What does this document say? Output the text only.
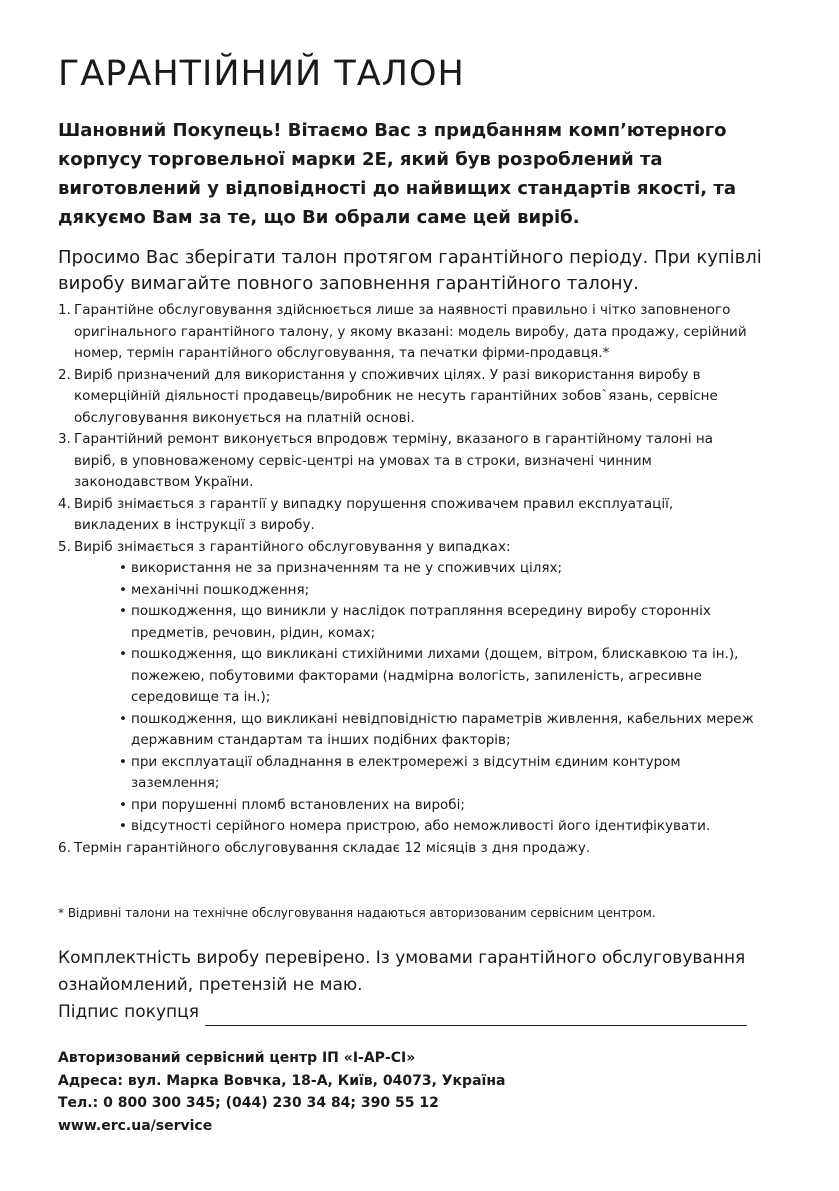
ГАРАНТІЙНИЙ ТАЛОН

Шановний Покупець! Вітаємо Вас з придбанням комп’ютерного корпусу торговельної марки 2E, який був розроблений та виготовлений у відповідності до найвищих стандартів якості, та дякуємо Вам за те, що Ви обрали саме цей виріб.

Просимо Вас зберігати талон протягом гарантійного періоду. При купівлі виробу вимагайте повного заповнення гарантійного талону.

1. Гарантійне обслуговування здійснюється лише за наявності правильно і чітко заповненого оригінального гарантійного талону, у якому вказані: модель виробу, дата продажу, серійний номер, термін гарантійного обслуговування, та печатки фірми-продавця.*
2. Виріб призначений для використання у споживчих цілях. У разі використання виробу в комерційній діяльності продавець/виробник не несуть гарантійних зобов`язань, сервісне обслуговування виконується на платній основі.
3. Гарантійний ремонт виконується впродовж терміну, вказаного в гарантійному талоні на виріб, в уповноваженому сервіс-центрі на умовах та в строки, визначені чинним законодавством України.
4. Виріб знімається з гарантії у випадку порушення споживачем правил експлуатації, викладених в інструкції з виробу.
5. Виріб знімається з гарантійного обслуговування у випадках:
• використання не за призначенням та не у споживчих цілях;
• механічні пошкодження;
• пошкодження, що виникли у наслідок потрапляння всередину виробу сторонніх предметів, речовин, рідин, комах;
• пошкодження, що викликані стихійними лихами (дощем, вітром, блискавкою та ін.), пожежею, побутовими факторами (надмірна вологість, запиленість, агресивне середовище та ін.);
• пошкодження, що викликані невідповідністю параметрів живлення, кабельних мереж державним стандартам та інших подібних факторів;
• при експлуатації обладнання в електромережі з відсутнім єдиним контуром заземлення;
• при порушенні пломб встановлених на виробі;
• відсутності серійного номера пристрою, або неможливості його ідентифікувати.
6. Термін гарантійного обслуговування складає 12 місяців з дня продажу.

* Відривні талони на технічне обслуговування надаються авторизованим сервісним центром.

Комплектність виробу перевірено. Із умовами гарантійного обслуговування ознайомлений, претензій не маю.
Підпис покупця
Авторизований сервісний центр ІП «І-АР-СІ»
Адреса: вул. Марка Вовчка, 18-А, Київ, 04073, Україна
Тел.: 0 800 300 345; (044) 230 34 84; 390 55 12
www.erc.ua/service
